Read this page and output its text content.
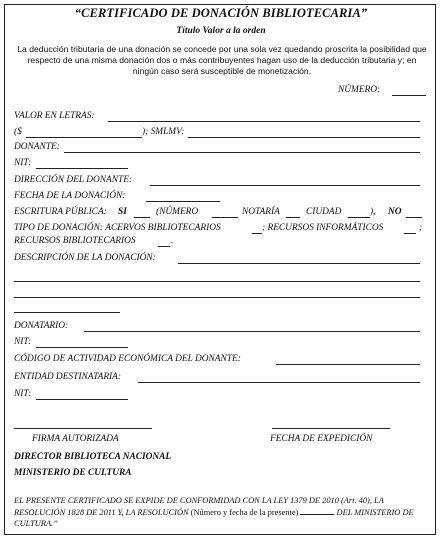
“CERTIFICADO DE DONACIÓN BIBLIOTECARIA”
Título Valor a la orden
La deducción tributaria de una donación se concede por una sola vez quedando proscrita la posibilidad que respecto de una misma donación dos o más contribuyentes hagan uso de la deducción tributaria y; en ningún caso será susceptible de monetización.
NÚMERO:
VALOR EN LETRAS:
($	); SMLMV:
DONANTE:
NIT:
DIRECCIÓN DEL DONANTE:
FECHA DE LA DONACIÓN:
ESCRITURA PÚBLICA: SI	(NÚMERO	NOTARÍA	CIUDAD	), NO
TIPO DE DONACIÓN: ACERVOS BIBLIOTECARIOS	; RECURSOS INFORMÁTICOS	;
RECURSOS BIBLIOTECARIOS	.
DESCRIPCIÓN DE LA DONACIÓN:
DONATARIO:
NIT:
CÓDIGO DE ACTIVIDAD ECONÓMICA DEL DONANTE:
ENTIDAD DESTINATARIA:
NIT:
FIRMA AUTORIZADA	FECHA DE EXPEDICIÓN
DIRECTOR BIBLIOTECA NACIONAL
MINISTERIO DE CULTURA
EL PRESENTE CERTIFICADO SE EXPIDE DE CONFORMIDAD CON LA LEY 1379 DE 2010 (Art. 40), LA RESOLUCIÓN 1828 DE 2011 Y, LA RESOLUCIÓN (Número y fecha de la presente)	DEL MINISTERIO DE CULTURA.”
